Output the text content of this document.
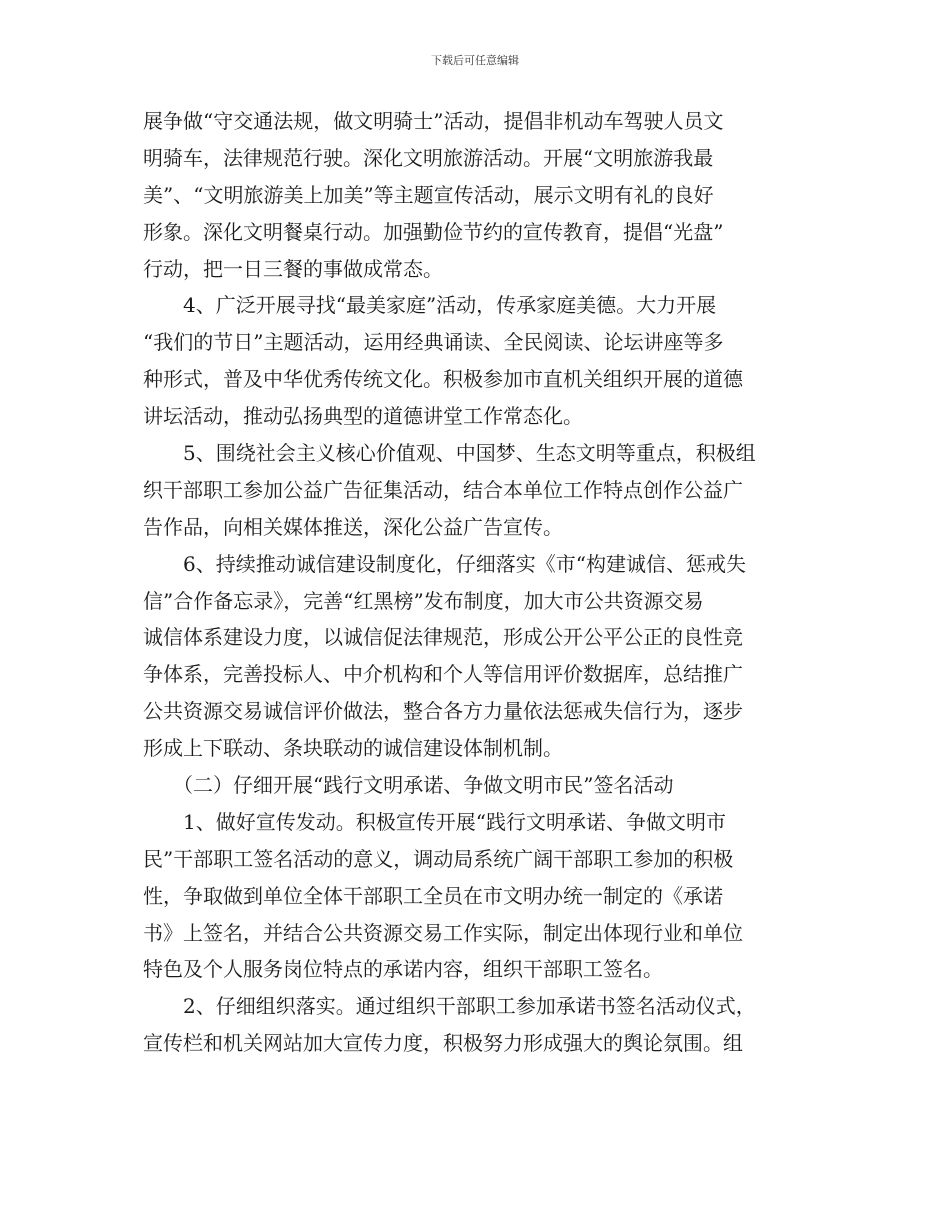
下载后可任意编辑
展争做“守交通法规，做文明骑士”活动，提倡非机动车驾驶人员文
明骑车，法律规范行驶。深化文明旅游活动。开展“文明旅游我最
美”、“文明旅游美上加美”等主题宣传活动，展示文明有礼的良好
形象。深化文明餐桌行动。加强勤俭节约的宣传教育，提倡“光盘”
行动，把一日三餐的事做成常态。
　　4、广泛开展寻找“最美家庭”活动，传承家庭美德。大力开展
“我们的节日”主题活动，运用经典诵读、全民阅读、论坛讲座等多
种形式，普及中华优秀传统文化。积极参加市直机关组织开展的道德
讲坛活动，推动弘扬典型的道德讲堂工作常态化。
　　5、围绕社会主义核心价值观、中国梦、生态文明等重点，积极组
织干部职工参加公益广告征集活动，结合本单位工作特点创作公益广
告作品，向相关媒体推送，深化公益广告宣传。
　　6、持续推动诚信建设制度化，仔细落实《市“构建诚信、惩戒失
信”合作备忘录》，完善“红黑榜”发布制度，加大市公共资源交易
诚信体系建设力度，以诚信促法律规范，形成公开公平公正的良性竞
争体系，完善投标人、中介机构和个人等信用评价数据库，总结推广
公共资源交易诚信评价做法，整合各方力量依法惩戒失信行为，逐步
形成上下联动、条块联动的诚信建设体制机制。
　　（二）仔细开展“践行文明承诺、争做文明市民”签名活动
　　1、做好宣传发动。积极宣传开展“践行文明承诺、争做文明市
民”干部职工签名活动的意义，调动局系统广阔干部职工参加的积极
性，争取做到单位全体干部职工全员在市文明办统一制定的《承诺
书》上签名，并结合公共资源交易工作实际，制定出体现行业和单位
特色及个人服务岗位特点的承诺内容，组织干部职工签名。
　　2、仔细组织落实。通过组织干部职工参加承诺书签名活动仪式，
宣传栏和机关网站加大宣传力度，积极努力形成强大的舆论氛围。组
